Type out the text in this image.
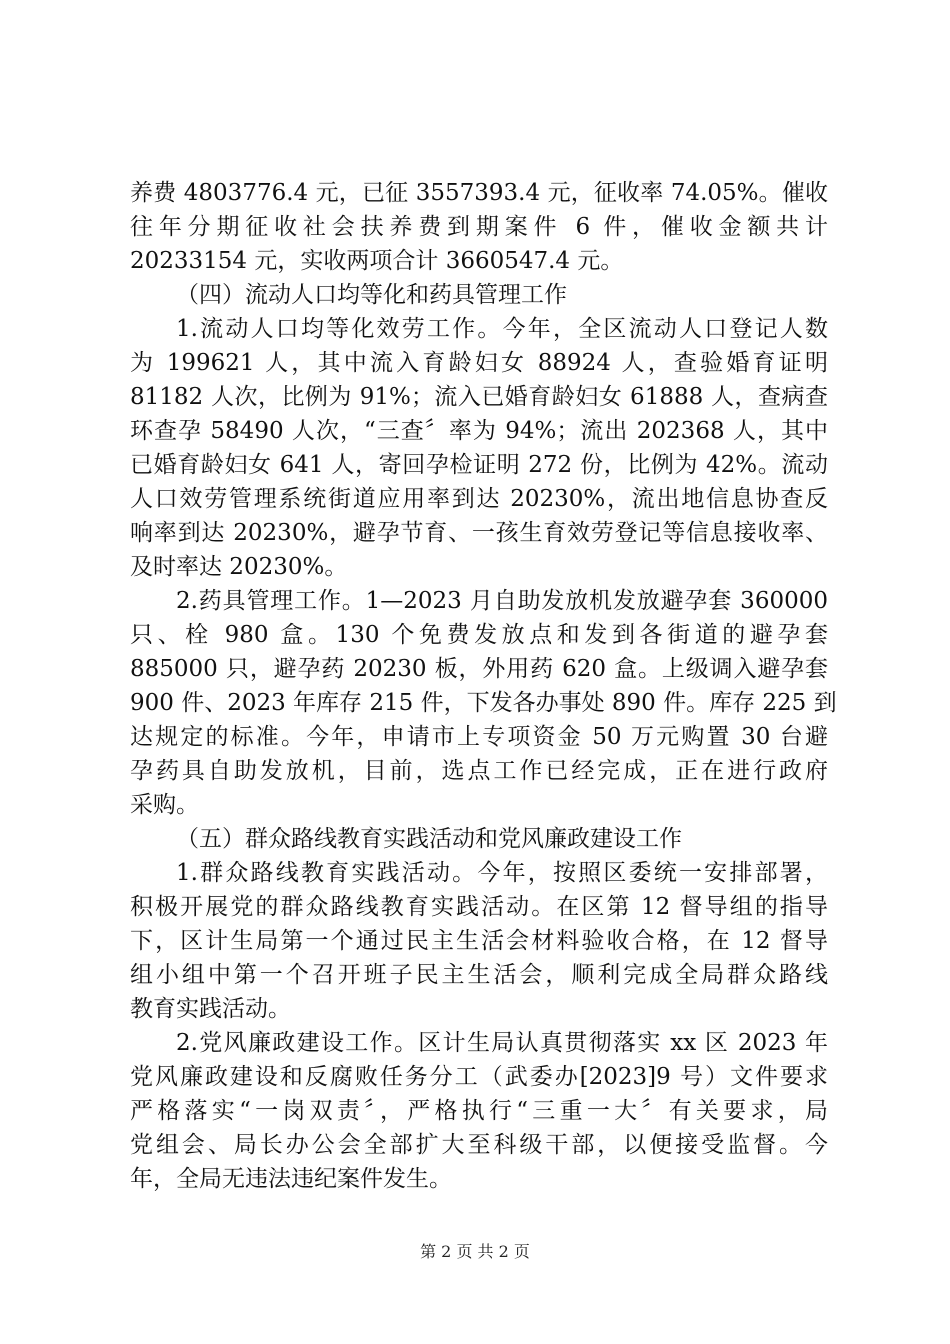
养费 4803776.4 元，已征 3557393.4 元，征收率 74.05%。催收
往年分期征收社会扶养费到期案件 6 件，催收金额共计
20233154 元，实收两项合计 3660547.4 元。
（四）流动人口均等化和药具管理工作
1.流动人口均等化效劳工作。今年，全区流动人口登记人数
为 199621 人，其中流入育龄妇女 88924 人，查验婚育证明
81182 人次，比例为 91%；流入已婚育龄妇女 61888 人，查病查
环查孕 58490 人次，“三查〞率为 94%；流出 202368 人，其中
已婚育龄妇女 641 人，寄回孕检证明 272 份，比例为 42%。流动
人口效劳管理系统街道应用率到达 20230%，流出地信息协查反
响率到达 20230%，避孕节育、一孩生育效劳登记等信息接收率、
及时率达 20230%。
2.药具管理工作。1—2023 月自助发放机发放避孕套 360000
只、栓 980 盒。130 个免费发放点和发到各街道的避孕套
885000 只，避孕药 20230 板，外用药 620 盒。上级调入避孕套
900 件、2023 年库存 215 件，下发各办事处 890 件。库存 225 到
达规定的标准。今年，申请市上专项资金 50 万元购置 30 台避
孕药具自助发放机，目前，选点工作已经完成，正在进行政府
采购。
（五）群众路线教育实践活动和党风廉政建设工作
1.群众路线教育实践活动。今年，按照区委统一安排部署，
积极开展党的群众路线教育实践活动。在区第 12 督导组的指导
下，区计生局第一个通过民主生活会材料验收合格，在 12 督导
组小组中第一个召开班子民主生活会，顺利完成全局群众路线
教育实践活动。
2.党风廉政建设工作。区计生局认真贯彻落实 xx 区 2023 年
党风廉政建设和反腐败任务分工（武委办[2023]9 号）文件要求
严格落实“一岗双责〞，严格执行“三重一大〞有关要求，局
党组会、局长办公会全部扩大至科级干部，以便接受监督。今
年，全局无违法违纪案件发生。
第 2 页 共 2 页
